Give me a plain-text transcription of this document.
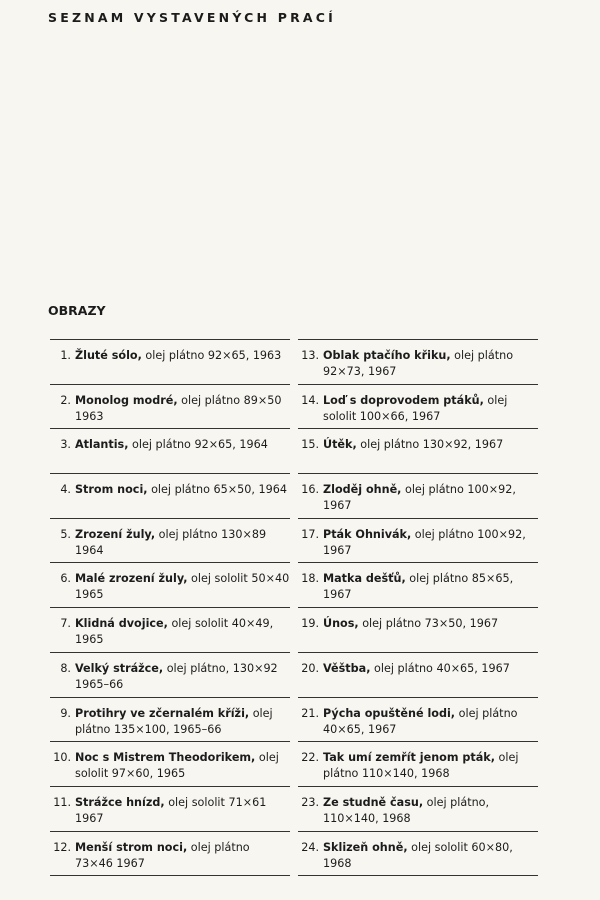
SEZNAM VYSTAVENÝCH PRACÍ
OBRAZY
1. Žluté sólo, olej plátno 92×65, 1963
2. Monolog modré, olej plátno 89×50 1963
3. Atlantis, olej plátno 92×65, 1964
4. Strom noci, olej plátno 65×50, 1964
5. Zrození žuly, olej plátno 130×89 1964
6. Malé zrození žuly, olej sololit 50×40 1965
7. Klidná dvojice, olej sololit 40×49, 1965
8. Velký strážce, olej plátno, 130×92 1965–66
9. Protihry ve zčernalém kříži, olej plátno 135×100, 1965–66
10. Noc s Mistrem Theodorikem, olej sololit 97×60, 1965
11. Strážce hnízd, olej sololit 71×61 1967
12. Menší strom noci, olej plátno 73×46 1967
13. Oblak ptačího křiku, olej plátno 92×73, 1967
14. Loď s doprovodem ptáků, olej sololit 100×66, 1967
15. Útěk, olej plátno 130×92, 1967
16. Zloděj ohně, olej plátno 100×92, 1967
17. Pták Ohnivák, olej plátno 100×92, 1967
18. Matka dešťů, olej plátno 85×65, 1967
19. Únos, olej plátno 73×50, 1967
20. Věštba, olej plátno 40×65, 1967
21. Pýcha opuštěné lodi, olej plátno 40×65, 1967
22. Tak umí zemřít jenom pták, olej plátno 110×140, 1968
23. Ze studně času, olej plátno, 110×140, 1968
24. Sklizeň ohně, olej sololit 60×80, 1968
